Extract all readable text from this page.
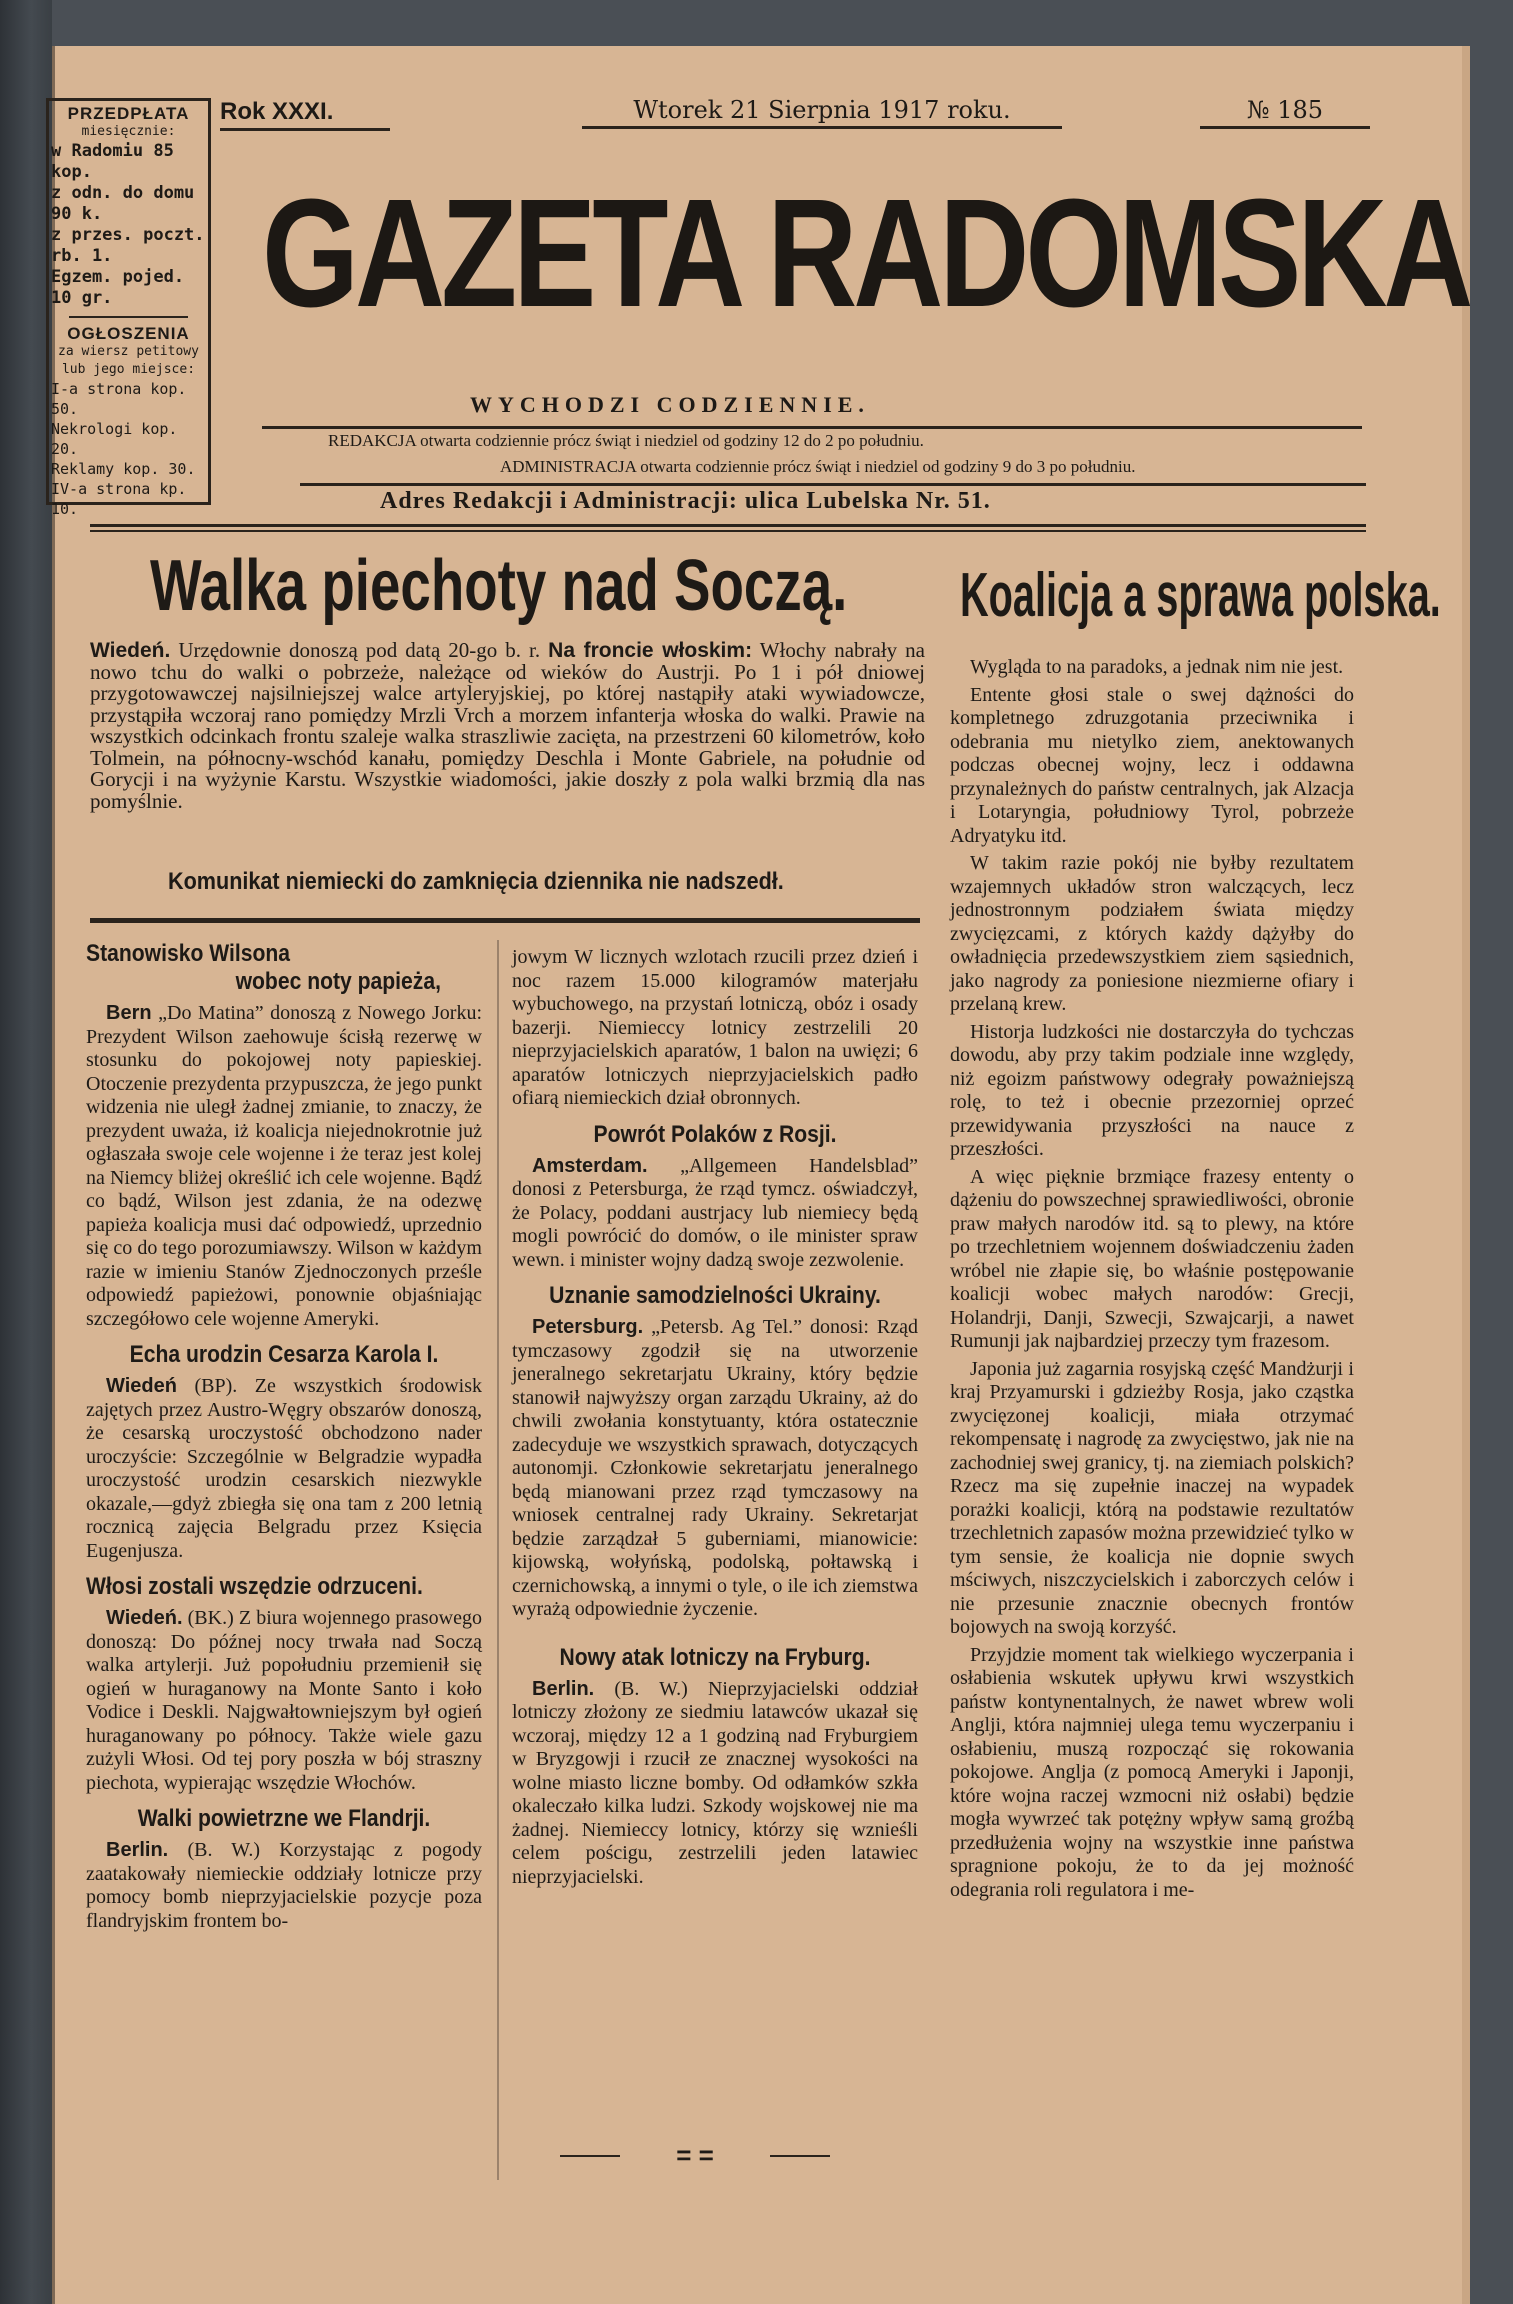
PRZEDPŁATA
miesięcznie:
w Radomiu 85 kop.
z odn. do domu 90 k.
z przes. poczt. rb. 1.
Egzem. pojed. 10 gr.
OGŁOSZENIA
za wiersz petitowy lub jego miejsce:
I-a strona kop. 50.
Nekrologi kop. 20.
Reklamy kop. 30.
IV-a strona kp. 10.
Rok XXXI.	Wtorek 21 Sierpnia 1917 roku.	№ 185
GAZETA RADOMSKA
WYCHODZI CODZIENNIE.
REDAKCJA otwarta codziennie prócz świąt i niedziel od godziny 12 do 2 po południu.
ADMINISTRACJA otwarta codziennie prócz świąt i niedziel od godziny 9 do 3 po południu.
Adres Redakcji i Administracji: ulica Lubelska Nr. 51.
Walka piechoty nad Soczą. Koalicja a sprawa polska.
Wiedeń. Urzędownie donoszą pod datą 20-go b. r. Na froncie włoskim: Włochy nabrały na nowo tchu do walki o pobrzeże, należące od wieków do Austrji. Po 1 i pół dniowej przygotowawczej najsilniejszej walce artyleryjskiej, po której nastąpiły ataki wywiadowcze, przystąpiła wczoraj rano pomiędzy Mrzli Vrch a morzem infanterja włoska do walki. Prawie na wszystkich odcinkach frontu szaleje walka straszliwie zacięta, na przestrzeni 60 kilometrów, koło Tolmein, na północny-wschód kanału, pomiędzy Deschla i Monte Gabriele, na południe od Gorycji i na wyżynie Karstu. Wszystkie wiadomości, jakie doszły z pola walki brzmią dla nas pomyślnie.
Komunikat niemiecki do zamknięcia dziennika nie nadszedł.
Stanowisko Wilsona
wobec noty papieża,

Bern „Do Matina” donoszą z Nowego Jorku: Prezydent Wilson zaehowuje ścisłą rezerwę w stosunku do pokojowej noty papieskiej. Otoczenie prezydenta przypuszcza, że jego punkt widzenia nie uległ żadnej zmianie, to znaczy, że prezydent uważa, iż koalicja niejednokrotnie już ogłaszała swoje cele wojenne i że teraz jest kolej na Niemcy bliżej określić ich cele wojenne. Bądź co bądź, Wilson jest zdania, że na odezwę papieża koalicja musi dać odpowiedź, uprzednio się co do tego porozumiawszy. Wilson w każdym razie w imieniu Stanów Zjednoczonych prześle odpowiedź papieżowi, ponownie objaśniając szczegółowo cele wojenne Ameryki.

Echa urodzin Cesarza Karola I.

Wiedeń (BP). Ze wszystkich środowisk zajętych przez Austro-Węgry obszarów donoszą, że cesarską uroczystość obchodzono nader uroczyście: Szczególnie w Belgradzie wypadła uroczystość urodzin cesarskich niezwykle okazale,—gdyż zbiegła się ona tam z 200 letnią rocznicą zajęcia Belgradu przez Księcia Eugenjusza.

Włosi zostali wszędzie odrzuceni.

Wiedeń. (BK.) Z biura wojennego prasowego donoszą: Do późnej nocy trwała nad Soczą walka artylerji. Już popołudniu przemienił się ogień w huraganowy na Monte Santo i koło Vodice i Deskli. Najgwałtowniejszym był ogień huraganowany po północy. Także wiele gazu zużyli Włosi. Od tej pory poszła w bój straszny piechota, wypierając wszędzie Włochów.

Walki powietrzne we Flandrji.

Berlin. (B. W.) Korzystając z pogody zaatakowały niemieckie oddziały lotnicze przy pomocy bomb nieprzyjacielskie pozycje poza flandryjskim frontem bo-

jowym W licznych wzlotach rzucili przez dzień i noc razem 15.000 kilogramów materjału wybuchowego, na przystań lotniczą, obóz i osady bazerji. Niemieccy lotnicy zestrzelili 20 nieprzyjacielskich aparatów, 1 balon na uwięzi; 6 aparatów lotniczych nieprzyjacielskich padło ofiarą niemieckich dział obronnych.

Powrót Polaków z Rosji.

Amsterdam. „Allgemeen Handelsblad” donosi z Petersburga, że rząd tymcz. oświadczył, że Polacy, poddani austrjacy lub niemiecy będą mogli powrócić do domów, o ile minister spraw wewn. i minister wojny dadzą swoje zezwolenie.

Uznanie samodzielności Ukrainy.

Petersburg. „Petersb. Ag Tel.” donosi: Rząd tymczasowy zgodził się na utworzenie jeneralnego sekretarjatu Ukrainy, który będzie stanowił najwyższy organ zarządu Ukrainy, aż do chwili zwołania konstytuanty, która ostatecznie zadecyduje we wszystkich sprawach, dotyczących autonomji. Członkowie sekretarjatu jeneralnego będą mianowani przez rząd tymczasowy na wniosek centralnej rady Ukrainy. Sekretarjat będzie zarządzał 5 guberniami, mianowicie: kijowską, wołyńską, podolską, połtawską i czernichowską, a innymi o tyle, o ile ich ziemstwa wyrażą odpowiednie życzenie.

Nowy atak lotniczy na Fryburg.

Berlin. (B. W.) Nieprzyjacielski oddział lotniczy złożony ze siedmiu latawców ukazał się wczoraj, między 12 a 1 godziną nad Fryburgiem w Bryzgowji i rzucił ze znacznej wysokości na wolne miasto liczne bomby. Od odłamków szkła okaleczało kilka ludzi. Szkody wojskowej nie ma żadnej. Niemieccy lotnicy, którzy się wznieśli celem pościgu, zestrzelili jeden latawiec nieprzyjacielski.

Wygląda to na paradoks, a jednak nim nie jest.

Entente głosi stale o swej dążności do kompletnego zdruzgotania przeciwnika i odebrania mu nietylko ziem, anektowanych podczas obecnej wojny, lecz i oddawna przynależnych do państw centralnych, jak Alzacja i Lotaryngia, południowy Tyrol, pobrzeże Adryatyku itd.

W takim razie pokój nie byłby rezultatem wzajemnych układów stron walczących, lecz jednostronnym podziałem świata między zwycięzcami, z których każdy dążyłby do owładnięcia przedewszystkiem ziem sąsiednich, jako nagrody za poniesione niezmierne ofiary i przelaną krew.

Historja ludzkości nie dostarczyła do tychczas dowodu, aby przy takim podziale inne względy, niż egoizm państwowy odegrały poważniejszą rolę, to też i obecnie przezorniej oprzeć przewidywania przyszłości na nauce z przeszłości.

A więc pięknie brzmiące frazesy ententy o dążeniu do powszechnej sprawiedliwości, obronie praw małych narodów itd. są to plewy, na które po trzechletniem wojennem doświadczeniu żaden wróbel nie złapie się, bo właśnie postępowanie koalicji wobec małych narodów: Grecji, Holandrji, Danji, Szwecji, Szwajcarji, a nawet Rumunji jak najbardziej przeczy tym frazesom.

Japonia już zagarnia rosyjską część Mandżurji i kraj Przyamurski i gdzieżby Rosja, jako cząstka zwycięzonej koalicji, miała otrzymać rekompensatę i nagrodę za zwycięstwo, jak nie na zachodniej swej granicy, tj. na ziemiach polskich? Rzecz ma się zupełnie inaczej na wypadek porażki koalicji, którą na podstawie rezultatów trzechletnich zapasów można przewidzieć tylko w tym sensie, że koalicja nie dopnie swych mściwych, niszczycielskich i zaborczych celów i nie przesunie znacznie obecnych frontów bojowych na swoją korzyść.

Przyjdzie moment tak wielkiego wyczerpania i osłabienia wskutek upływu krwi wszystkich państw kontynentalnych, że nawet wbrew woli Anglji, która najmniej ulega temu wyczerpaniu i osłabieniu, muszą rozpocząć się rokowania pokojowe. Anglja (z pomocą Ameryki i Japonji, które wojna raczej wzmocni niż osłabi) będzie mogła wywrzeć tak potężny wpływ samą groźbą przedłużenia wojny na wszystkie inne państwa spragnione pokoju, że to da jej możność odegrania roli regulatora i me-

= =
